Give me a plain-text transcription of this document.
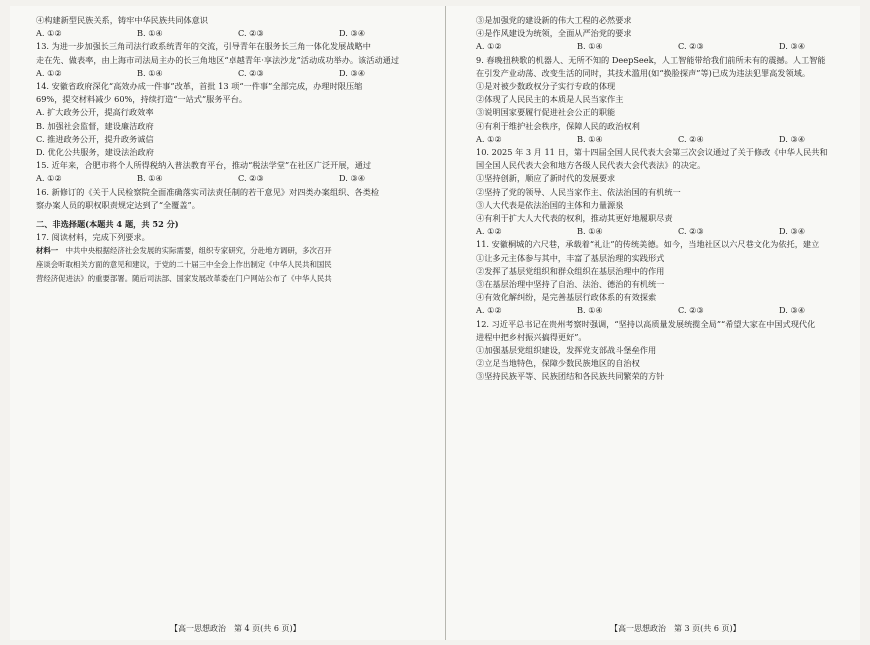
④构建新型民族关系，铸牢中华民族共同体意识
A. ①②	B. ①④	C. ②③	D. ③④
13. 为进一步加强长三角司法行政系统青年的交流，引导青年在服务长三角一体化发展战略中
走在先、做表率，由上海市司法局主办的长三角地区“卓越青年·享法沙龙”活动成功举办。该活动通过
A. ①②	B. ①④	C. ②③	D. ③④
14. 安徽省政府深化“高效办成一件事”改革，首批 13 项“一件事”全部完成，办理时限压缩
69%，提交材料减少 60%，持续打造“一站式”服务平台。
A. 扩大政务公开，提高行政效率
B. 加强社会监督，建设廉洁政府
C. 推进政务公开，提升政务诚信
D. 优化公共服务，建设法治政府
15. 近年来，合肥市将个人所得税纳入普法教育平台，推动“税法学堂”在社区广泛开展，通过
A. ①②	B. ①④	C. ②③	D. ③④
16. 新修订的《关于人民检察院全面准确落实司法责任制的若干意见》对四类办案组织、各类检
察办案人员的职权职责规定达到了“全覆盖”。
二、非选择题(本题共 4 题，共 52 分)
17. 阅读材料，完成下列要求。
材料一　 中共中央根据经济社会发展的实际需要，组织专家研究，分赴地方调研，多次召开
座谈会听取相关方面的意见和建议，于党的二十届三中全会上作出制定《中华人民共和国民
营经济促进法》的重要部署。随后司法部、国家发展改革委在门户网站公布了《中华人民共
【高一思想政治　第 4 页(共 6 页)】
③是加强党的建设新的伟大工程的必然要求
④是作风建设为统领，全面从严治党的要求
A. ①②	B. ①④	C. ②③	D. ③④
9. 春晚扭秧歌的机器人、无所不知的 DeepSeek，人工智能带给我们前所未有的震撼。人工智能
在引发产业动荡、改变生活的同时，其技术滥用(如“换脸探声”等)已成为违法犯罪高发领域。
①是对被少数政权分子实行专政的体现
②体现了人民民主的本质是人民当家作主
③说明国家要履行促进社会公正的职能
④有利于维护社会秩序，保障人民的政治权利
A. ①②	B. ①④	C. ②④	D. ③④
10. 2025 年 3 月 11 日，第十四届全国人民代表大会第三次会议通过了关于修改《中华人民共和
国全国人民代表大会和地方各级人民代表大会代表法》的决定。
①坚持创新，顺应了新时代的发展要求
②坚持了党的领导、人民当家作主、依法治国的有机统一
③人大代表是依法治国的主体和力量源泉
④有利于扩大人大代表的权利，推动其更好地履职尽责
A. ①②	B. ①④	C. ②③	D. ③④
11. 安徽桐城的六尺巷，承载着“礼让”的传统美德。如今，当地社区以六尺巷文化为依托，建立
①让多元主体参与其中，丰富了基层治理的实践形式
②发挥了基层党组织和群众组织在基层治理中的作用
③在基层治理中坚持了自治、法治、德治的有机统一
④有效化解纠纷，是完善基层行政体系的有效探索
A. ①②	B. ①④	C. ②③	D. ③④
12. 习近平总书记在贵州考察时强调，“坚持以高质量发展统揽全局”“希望大家在中国式现代化
进程中把乡村振兴搞得更好”。
①加强基层党组织建设，发挥党支部战斗堡垒作用
②立足当地特色，保障少数民族地区的自治权
③坚持民族平等、民族团结和各民族共同繁荣的方针
【高一思想政治　第 3 页(共 6 页)】
